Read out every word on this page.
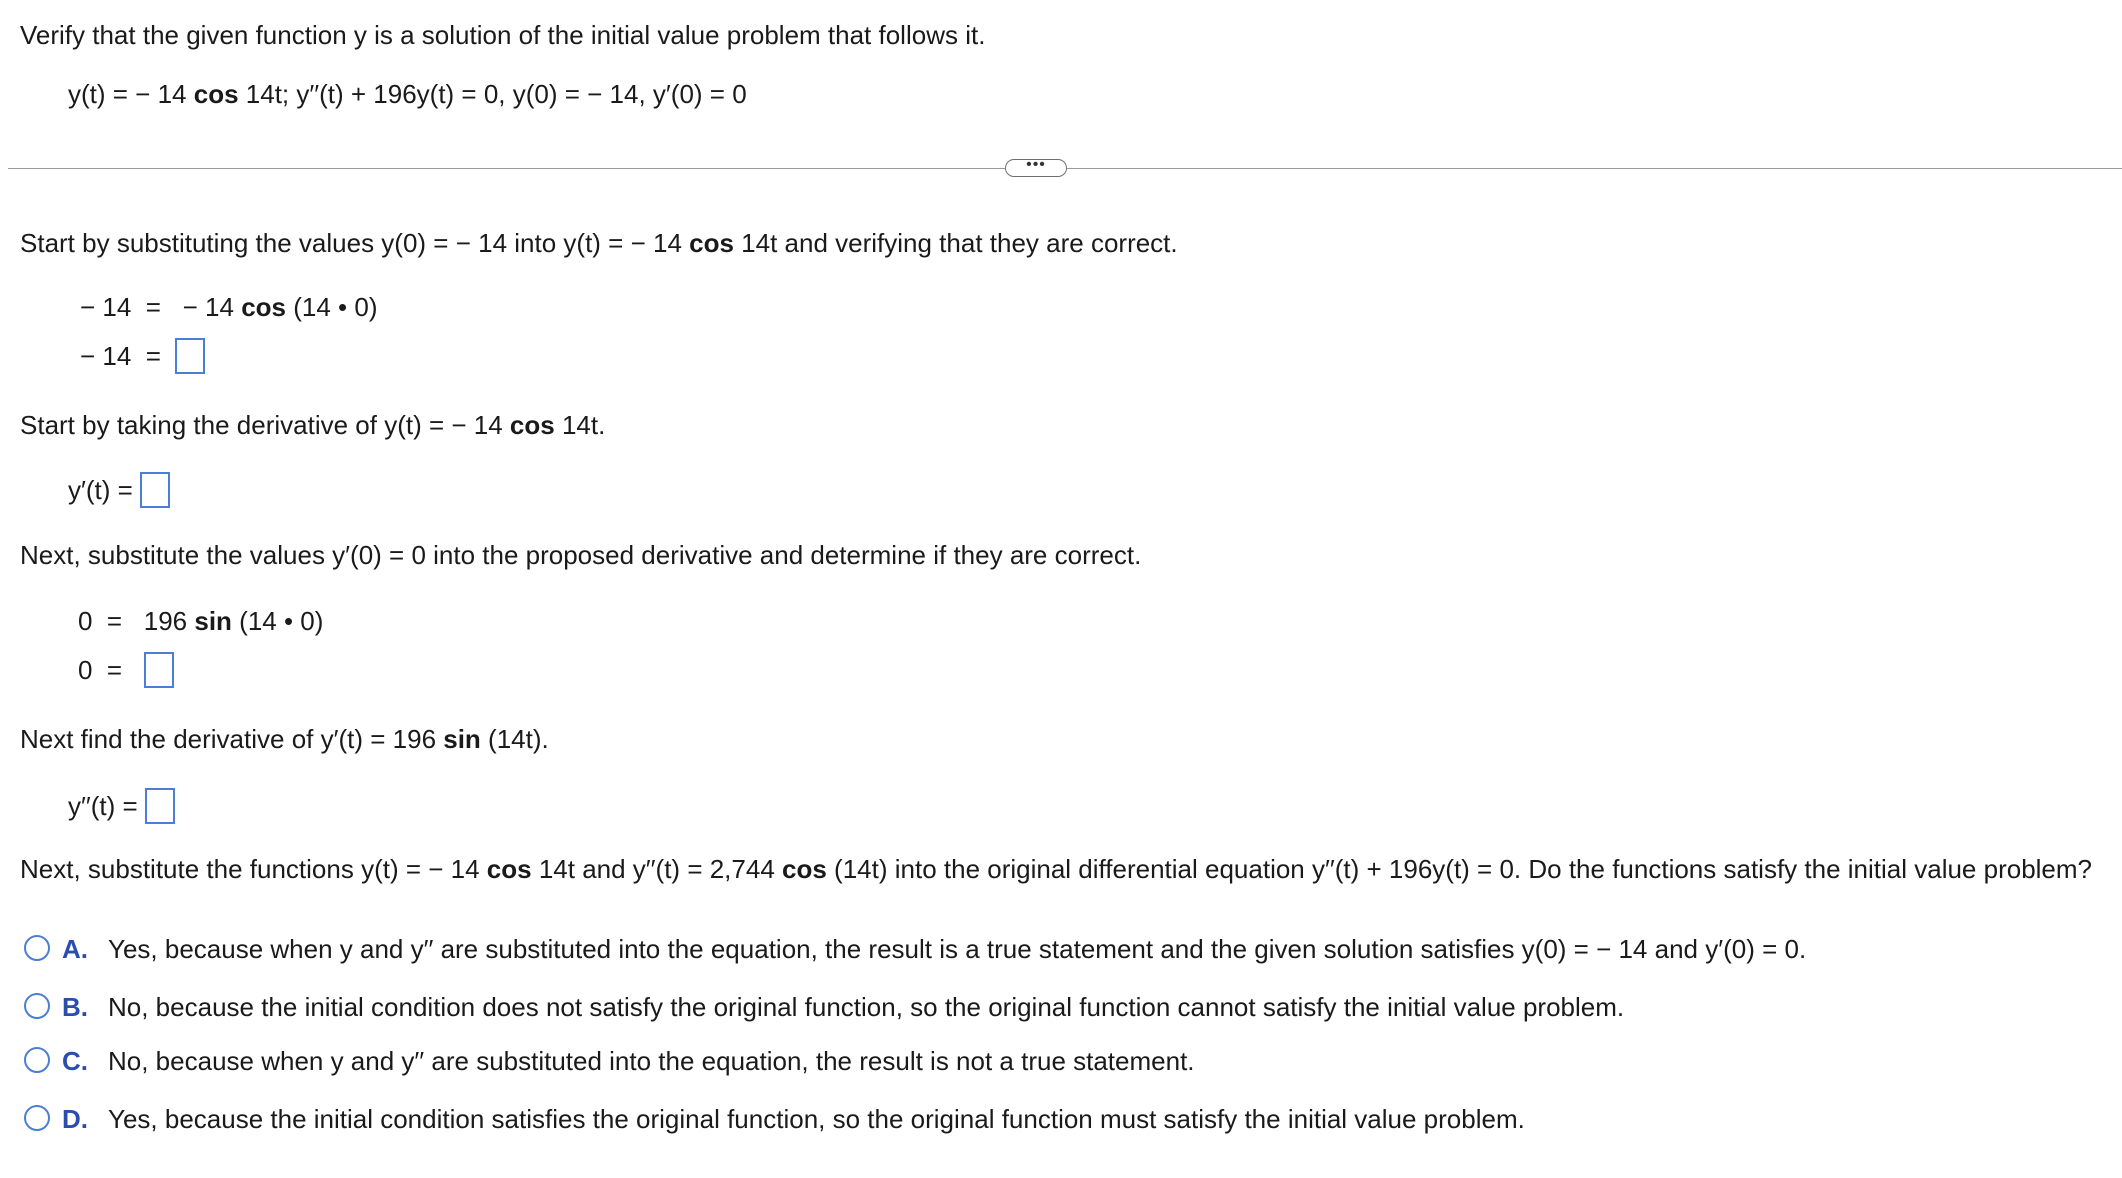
Verify that the given function y is a solution of the initial value problem that follows it.
y(t) = − 14 cos 14t; y′′(t) + 196y(t) = 0, y(0) = − 14, y′(0) = 0
•••
Start by substituting the values y(0) = − 14 into y(t) = − 14 cos 14t and verifying that they are correct.
− 14  = − 14 cos (14 • 0)
− 14  =
Start by taking the derivative of y(t) = − 14 cos 14t.
y′(t) =
Next, substitute the values y′(0) = 0 into the proposed derivative and determine if they are correct.
0  = 196 sin (14 • 0)
0  =
Next find the derivative of y′(t) = 196 sin (14t).
y′′(t) =
Next, substitute the functions y(t) = − 14 cos 14t and y′′(t) = 2,744 cos (14t) into the original differential equation y′′(t) + 196y(t) = 0. Do the functions satisfy the initial value problem?
A. Yes, because when y and y′′ are substituted into the equation, the result is a true statement and the given solution satisfies y(0) = − 14 and y′(0) = 0.
B. No, because the initial condition does not satisfy the original function, so the original function cannot satisfy the initial value problem.
C. No, because when y and y′′ are substituted into the equation, the result is not a true statement.
D. Yes, because the initial condition satisfies the original function, so the original function must satisfy the initial value problem.
